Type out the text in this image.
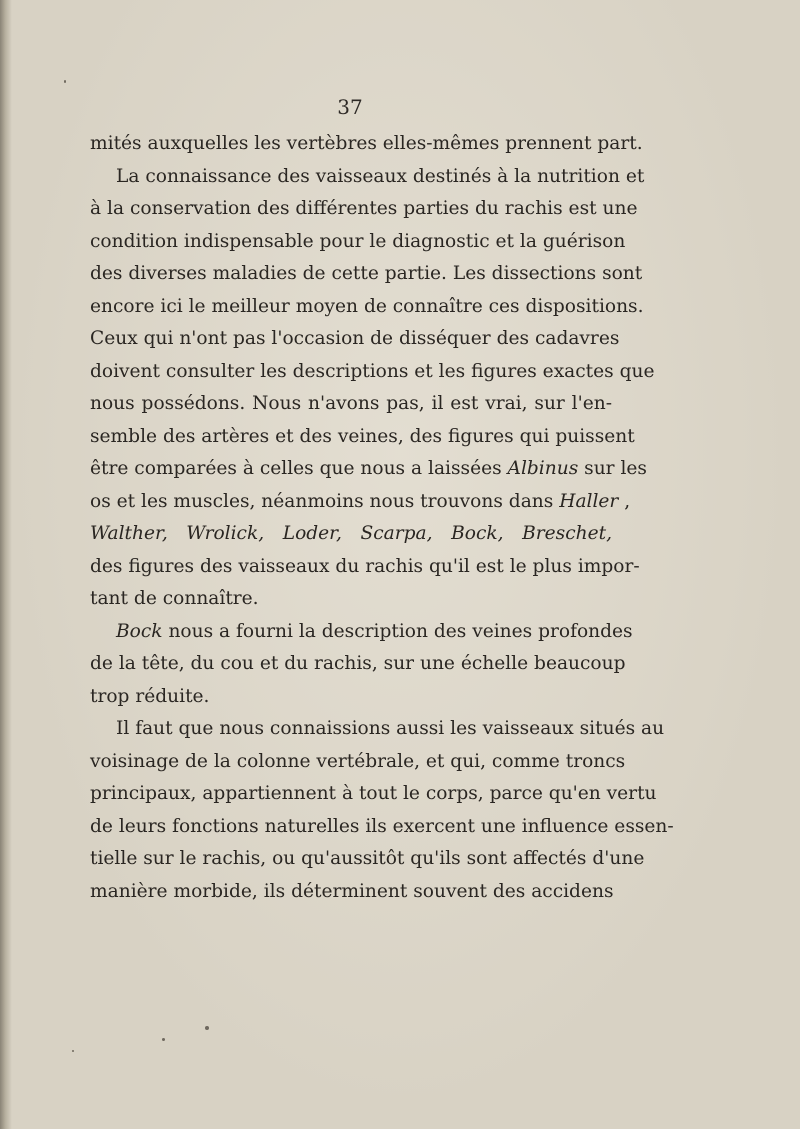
37
mités auxquelles les vertèbres elles-mêmes prennent part.
La connaissance des vaisseaux destinés à la nutrition et
à la conservation des différentes parties du rachis est une
condition indispensable pour le diagnostic et la guérison
des diverses maladies de cette partie. Les dissections sont
encore ici le meilleur moyen de connaître ces dispositions.
Ceux qui n'ont pas l'occasion de disséquer des cadavres
doivent consulter les descriptions et les figures exactes que
nous possédons. Nous n'avons pas, il est vrai, sur l'en-
semble des artères et des veines, des figures qui puissent
être comparées à celles que nous a laissées Albinus sur les
os et les muscles, néanmoins nous trouvons dans Haller ,
Walther, Wrolick, Loder, Scarpa, Bock, Breschet,
des figures des vaisseaux du rachis qu'il est le plus impor-
tant de connaître.
Bock nous a fourni la description des veines profondes
de la tête, du cou et du rachis, sur une échelle beaucoup
trop réduite.
Il faut que nous connaissions aussi les vaisseaux situés au
voisinage de la colonne vertébrale, et qui, comme troncs
principaux, appartiennent à tout le corps, parce qu'en vertu
de leurs fonctions naturelles ils exercent une influence essen-
tielle sur le rachis, ou qu'aussitôt qu'ils sont affectés d'une
manière morbide, ils déterminent souvent des accidens
